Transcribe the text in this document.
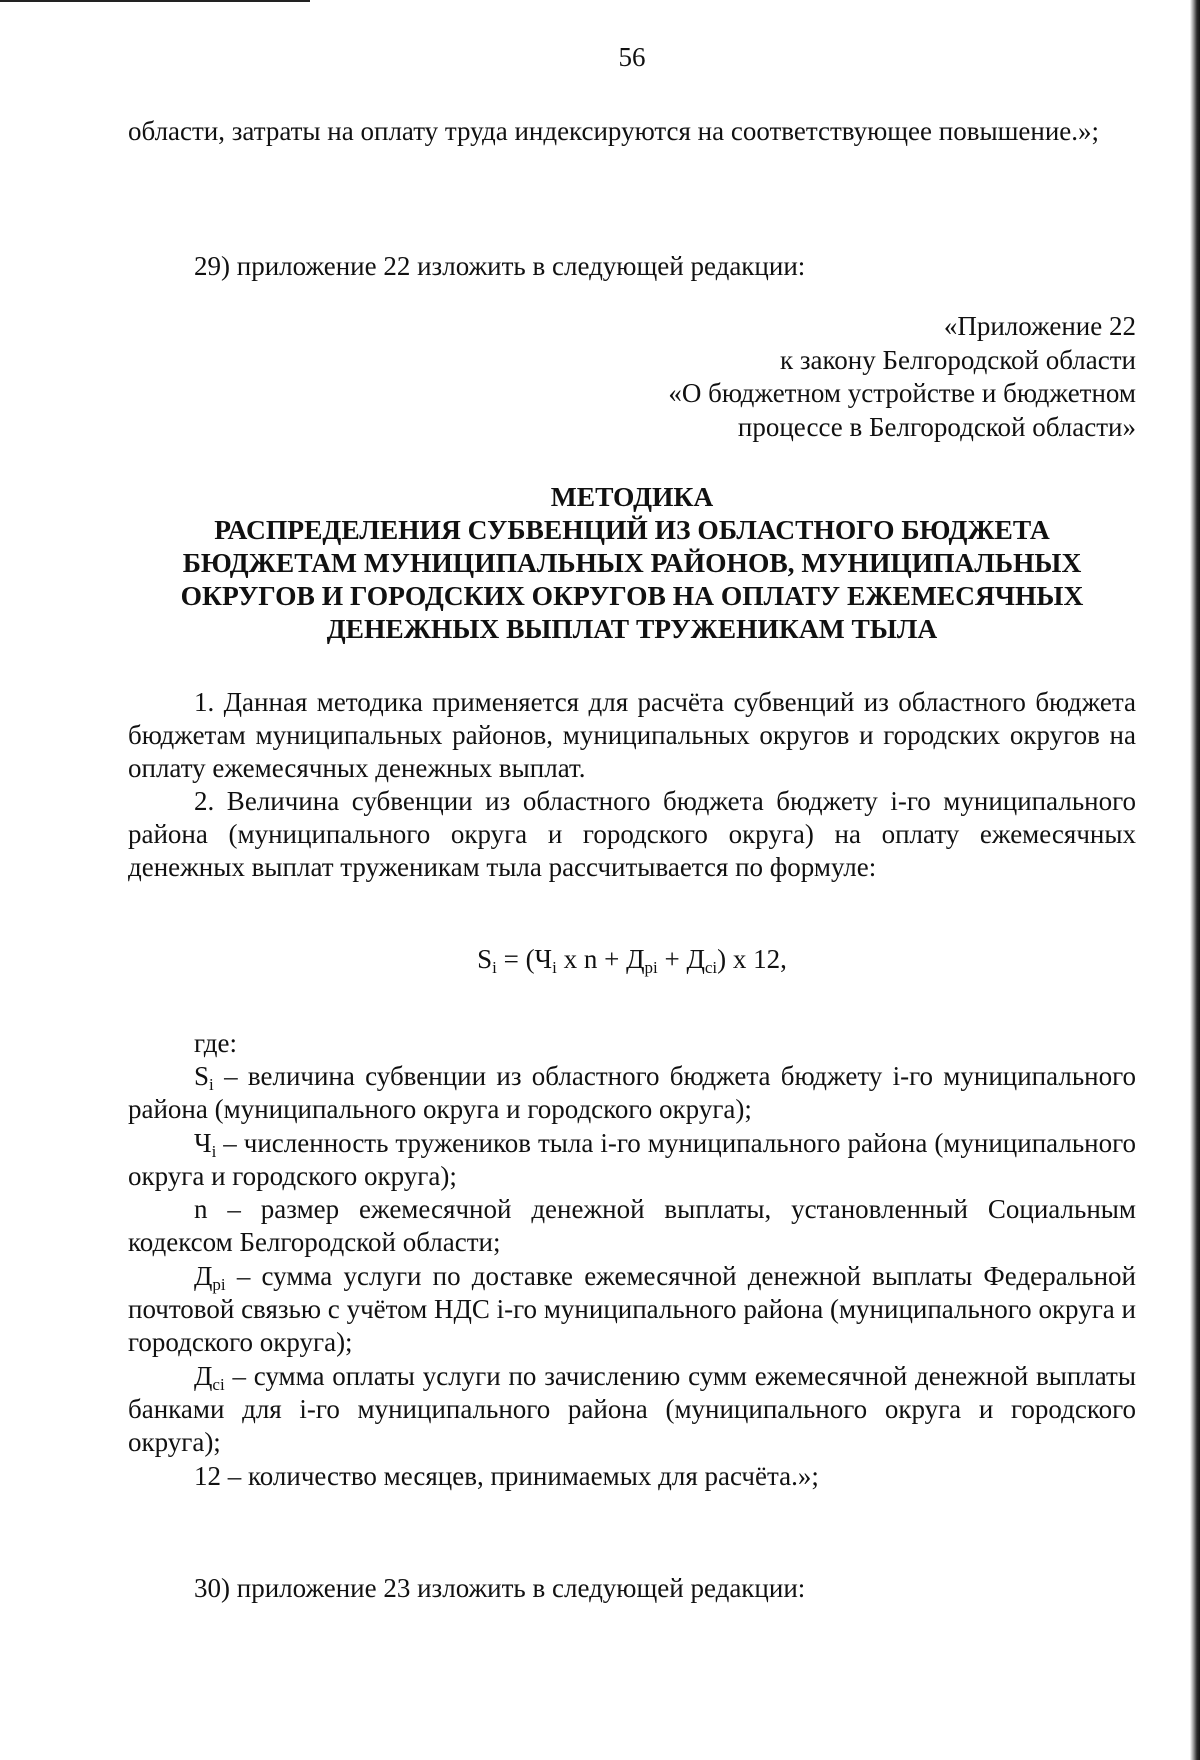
56

области, затраты на оплату труда индексируются на соответствующее повышение.»;

29) приложение 22 изложить в следующей редакции:

«Приложение 22
к закону Белгородской области
«О бюджетном устройстве и бюджетном
процессе в Белгородской области»
МЕТОДИКА
РАСПРЕДЕЛЕНИЯ СУБВЕНЦИЙ ИЗ ОБЛАСТНОГО БЮДЖЕТА
БЮДЖЕТАМ МУНИЦИПАЛЬНЫХ РАЙОНОВ, МУНИЦИПАЛЬНЫХ
ОКРУГОВ И ГОРОДСКИХ ОКРУГОВ НА ОПЛАТУ ЕЖЕМЕСЯЧНЫХ
ДЕНЕЖНЫХ ВЫПЛАТ ТРУЖЕНИКАМ ТЫЛА

1. Данная методика применяется для расчёта субвенций из областного бюджета бюджетам муниципальных районов, муниципальных округов и городских округов на оплату ежемесячных денежных выплат.

2. Величина субвенции из областного бюджета бюджету i-го муниципального района (муниципального округа и городского округа) на оплату ежемесячных денежных выплат труженикам тыла рассчитывается по формуле:

$S_i = (Ч_i$ х $n + Д_{pi} + Д_{ci}$) х 12,

где:

$S_i$ – величина субвенции из областного бюджета бюджету i-го муниципального района (муниципального округа и городского округа);

$Ч_i$ – численность тружеников тыла i-го муниципального района (муниципального округа и городского округа);

n – размер ежемесячной денежной выплаты, установленный Социальным кодексом Белгородской области;

$Д_{pi}$ – сумма услуги по доставке ежемесячной денежной выплаты Федеральной почтовой связью с учётом НДС i-го муниципального района (муниципального округа и городского округа);

$Д_{ci}$ – сумма оплаты услуги по зачислению сумм ежемесячной денежной выплаты банками для i-го муниципального района (муниципального округа и городского округа);

12 – количество месяцев, принимаемых для расчёта.»;

30) приложение 23 изложить в следующей редакции:
